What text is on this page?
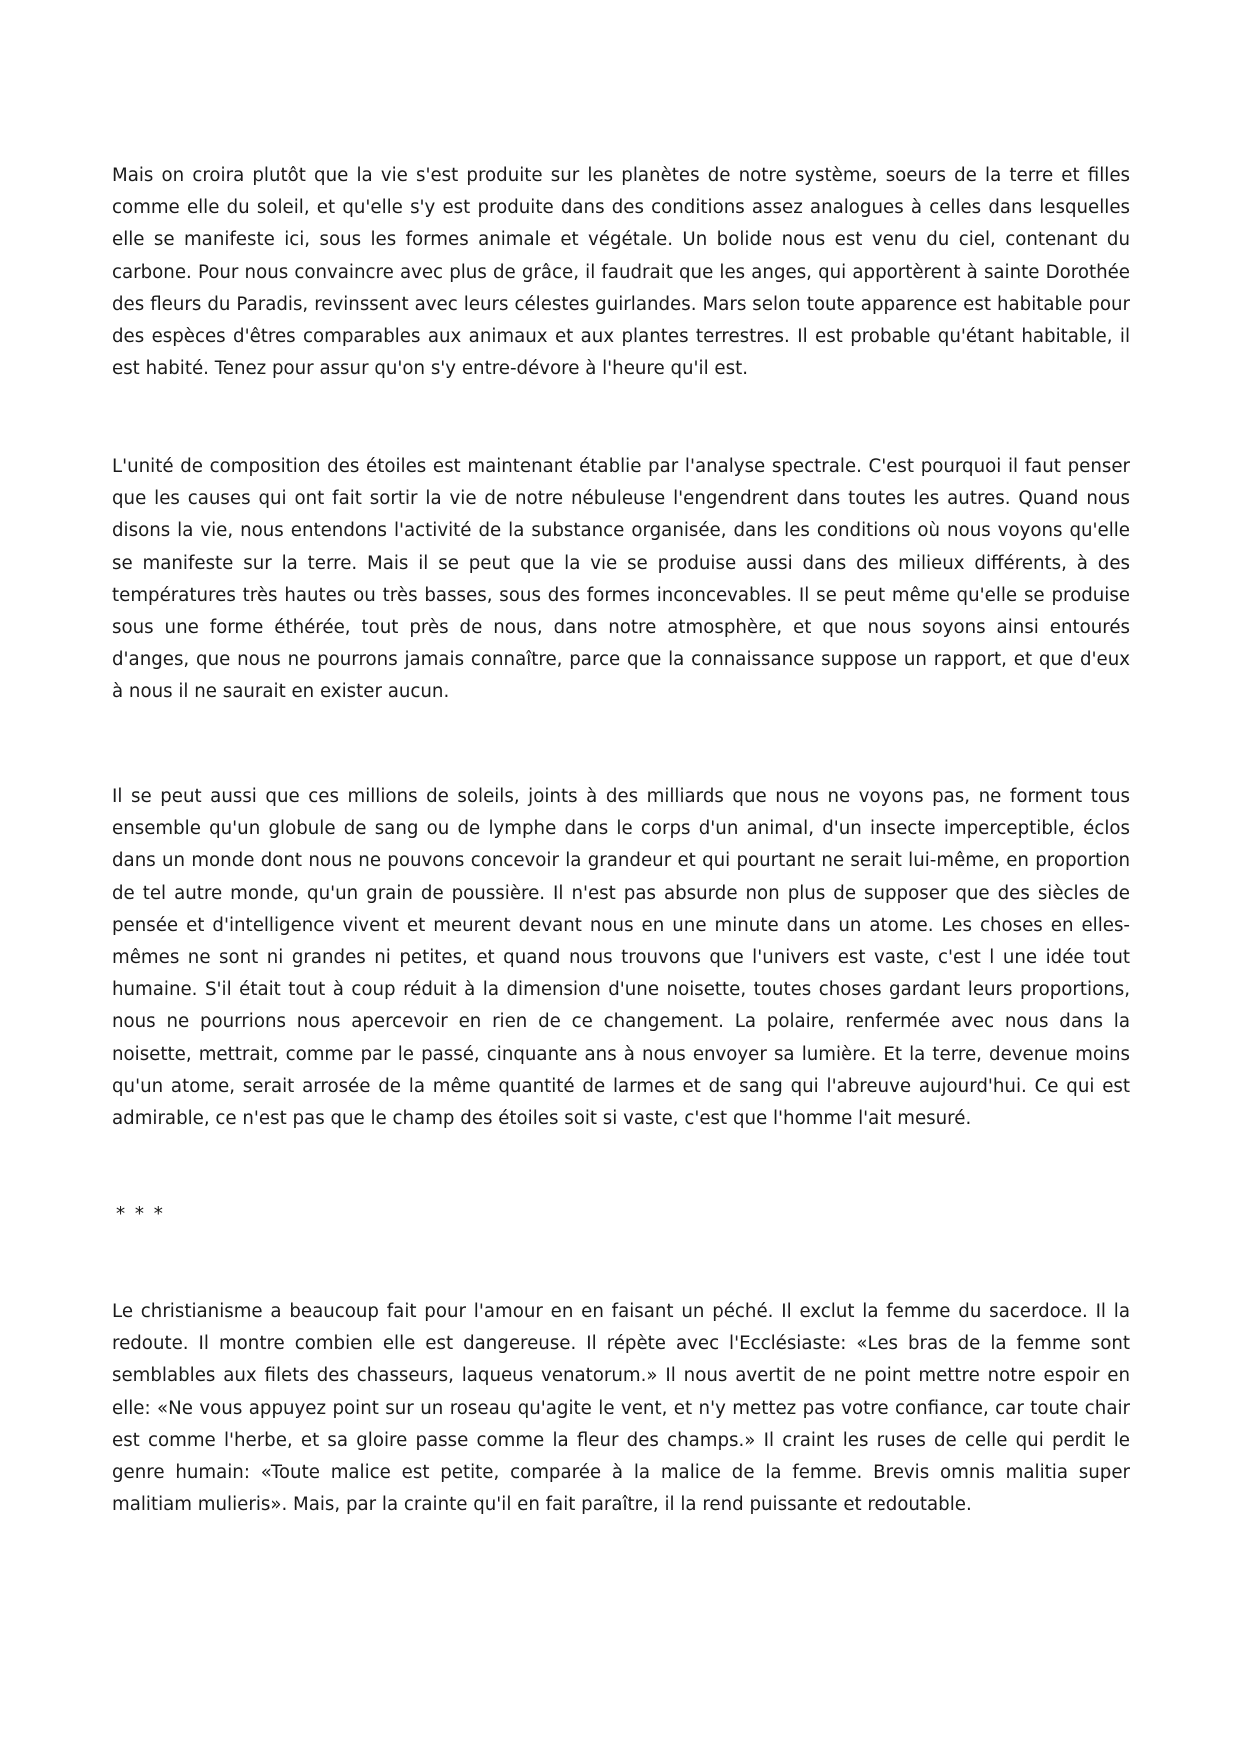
Mais on croira plutôt que la vie s'est produite sur les planètes de notre système, soeurs de la terre et filles comme elle du soleil, et qu'elle s'y est produite dans des conditions assez analogues à celles dans lesquelles elle se manifeste ici, sous les formes animale et végétale. Un bolide nous est venu du ciel, contenant du carbone. Pour nous convaincre avec plus de grâce, il faudrait que les anges, qui apportèrent à sainte Dorothée des fleurs du Paradis, revinssent avec leurs célestes guirlandes. Mars selon toute apparence est habitable pour des espèces d'êtres comparables aux animaux et aux plantes terrestres. Il est probable qu'étant habitable, il est habité. Tenez pour assur qu'on s'y entre-dévore à l'heure qu'il est.

L'unité de composition des étoiles est maintenant établie par l'analyse spectrale. C'est pourquoi il faut penser que les causes qui ont fait sortir la vie de notre nébuleuse l'engendrent dans toutes les autres. Quand nous disons la vie, nous entendons l'activité de la substance organisée, dans les conditions où nous voyons qu'elle se manifeste sur la terre. Mais il se peut que la vie se produise aussi dans des milieux différents, à des températures très hautes ou très basses, sous des formes inconcevables. Il se peut même qu'elle se produise sous une forme éthérée, tout près de nous, dans notre atmosphère, et que nous soyons ainsi entourés d'anges, que nous ne pourrons jamais connaître, parce que la connaissance suppose un rapport, et que d'eux à nous il ne saurait en exister aucun.

Il se peut aussi que ces millions de soleils, joints à des milliards que nous ne voyons pas, ne forment tous ensemble qu'un globule de sang ou de lymphe dans le corps d'un animal, d'un insecte imperceptible, éclos dans un monde dont nous ne pouvons concevoir la grandeur et qui pourtant ne serait lui-même, en proportion de tel autre monde, qu'un grain de poussière. Il n'est pas absurde non plus de supposer que des siècles de pensée et d'intelligence vivent et meurent devant nous en une minute dans un atome. Les choses en elles-mêmes ne sont ni grandes ni petites, et quand nous trouvons que l'univers est vaste, c'est l une idée tout humaine. S'il était tout à coup réduit à la dimension d'une noisette, toutes choses gardant leurs proportions, nous ne pourrions nous apercevoir en rien de ce changement. La polaire, renfermée avec nous dans la noisette, mettrait, comme par le passé, cinquante ans à nous envoyer sa lumière. Et la terre, devenue moins qu'un atome, serait arrosée de la même quantité de larmes et de sang qui l'abreuve aujourd'hui. Ce qui est admirable, ce n'est pas que le champ des étoiles soit si vaste, c'est que l'homme l'ait mesuré.

* * *

Le christianisme a beaucoup fait pour l'amour en en faisant un péché. Il exclut la femme du sacerdoce. Il la redoute. Il montre combien elle est dangereuse. Il répète avec l'Ecclésiaste: «Les bras de la femme sont semblables aux filets des chasseurs, laqueus venatorum.» Il nous avertit de ne point mettre notre espoir en elle: «Ne vous appuyez point sur un roseau qu'agite le vent, et n'y mettez pas votre confiance, car toute chair est comme l'herbe, et sa gloire passe comme la fleur des champs.» Il craint les ruses de celle qui perdit le genre humain: «Toute malice est petite, comparée à la malice de la femme. Brevis omnis malitia super malitiam mulieris». Mais, par la crainte qu'il en fait paraître, il la rend puissante et redoutable.
